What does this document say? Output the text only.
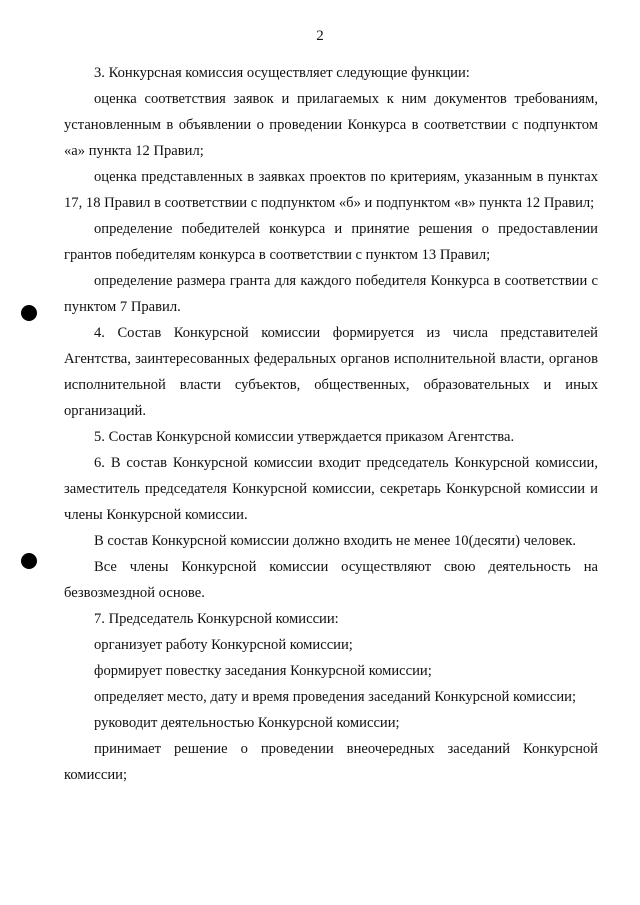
2

3. Конкурсная комиссия осуществляет следующие функции:

оценка соответствия заявок и прилагаемых к ним документов требованиям, установленным в объявлении о проведении Конкурса в соответствии с подпунктом «а» пункта 12 Правил;

оценка представленных в заявках проектов по критериям, указанным в пунктах 17, 18 Правил в соответствии с подпунктом «б» и подпунктом «в» пункта 12 Правил;

определение победителей конкурса и принятие решения о предоставлении грантов победителям конкурса в соответствии с пунктом 13 Правил;

определение размера гранта для каждого победителя Конкурса в соответствии с пунктом 7 Правил.

4. Состав Конкурсной комиссии формируется из числа представителей Агентства, заинтересованных федеральных органов исполнительной власти, органов исполнительной власти субъектов, общественных, образовательных и иных организаций.

5. Состав Конкурсной комиссии утверждается приказом Агентства.

6. В состав Конкурсной комиссии входит председатель Конкурсной комиссии, заместитель председателя Конкурсной комиссии, секретарь Конкурсной комиссии и члены Конкурсной комиссии.

В состав Конкурсной комиссии должно входить не менее 10(десяти) человек.

Все члены Конкурсной комиссии осуществляют свою деятельность на безвозмездной основе.

7. Председатель Конкурсной комиссии:

организует работу Конкурсной комиссии;

формирует повестку заседания Конкурсной комиссии;

определяет место, дату и время проведения заседаний Конкурсной комиссии;

руководит деятельностью Конкурсной комиссии;

принимает решение о проведении внеочередных заседаний Конкурсной комиссии;
